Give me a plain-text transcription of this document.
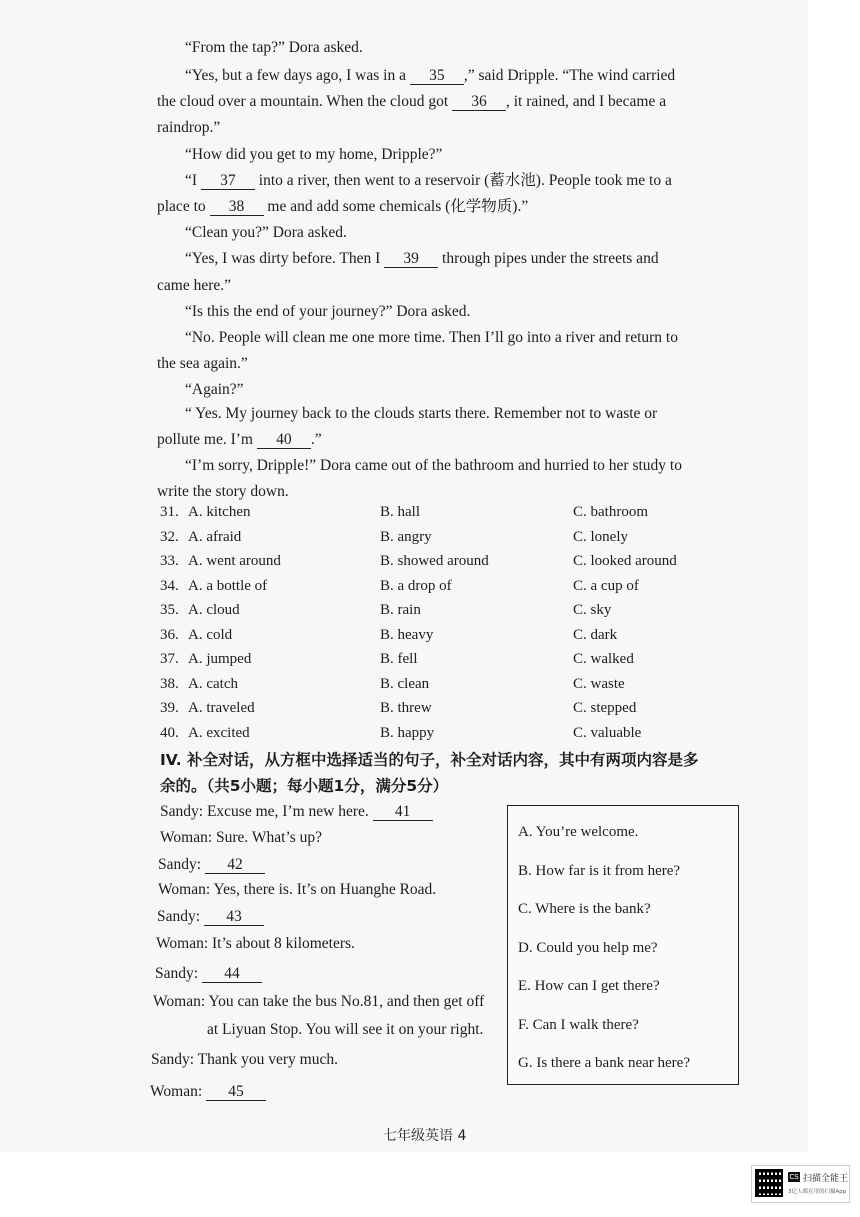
“From the tap?” Dora asked.
“Yes, but a few days ago, I was in a 35 ,” said Dripple. “The wind carried
the cloud over a mountain. When the cloud got 36 , it rained, and I became a
raindrop.”
“How did you get to my home, Dripple?”
“I 37 into a river, then went to a reservoir (蓄水池). People took me to a
place to 38 me and add some chemicals (化学物质).”
“Clean you?” Dora asked.
“Yes, I was dirty before. Then I 39 through pipes under the streets and
came here.”
“Is this the end of your journey?” Dora asked.
“No. People will clean me one more time. Then I’ll go into a river and return to
the sea again.”
“Again?”
“ Yes. My journey back to the clouds starts there. Remember not to waste or
pollute me. I’m 40 .”
“I’m sorry, Dripple!” Dora came out of the bathroom and hurried to her study to
write the story down.
31. A. kitchen	B. hall	C. bathroom
32. A. afraid	B. angry	C. lonely
33. A. went around	B. showed around	C. looked around
34. A. a bottle of	B. a drop of	C. a cup of
35. A. cloud	B. rain	C. sky
36. A. cold	B. heavy	C. dark
37. A. jumped	B. fell	C. walked
38. A. catch	B. clean	C. waste
39. A. traveled	B. threw	C. stepped
40. A. excited	B. happy	C. valuable
IV. 补全对话，从方框中选择适当的句子，补全对话内容，其中有两项内容是多
余的。（共5小题；每小题1分，满分5分）
Sandy: Excuse me, I’m new here. 41
Woman: Sure. What’s up?
Sandy: 42
Woman: Yes, there is. It’s on Huanghe Road.
Sandy: 43
Woman: It’s about 8 kilometers.
Sandy: 44
Woman: You can take the bus No.81, and then get off
at Liyuan Stop. You will see it on your right.
Sandy: Thank you very much.
Woman: 45
A. You’re welcome.
B. How far is it from here?
C. Where is the bank?
D. Could you help me?
E. How can I get there?
F. Can I walk there?
G. Is there a bank near here?
七年级英语 4
CS 扫描全能王
3亿人都在用的扫描App
